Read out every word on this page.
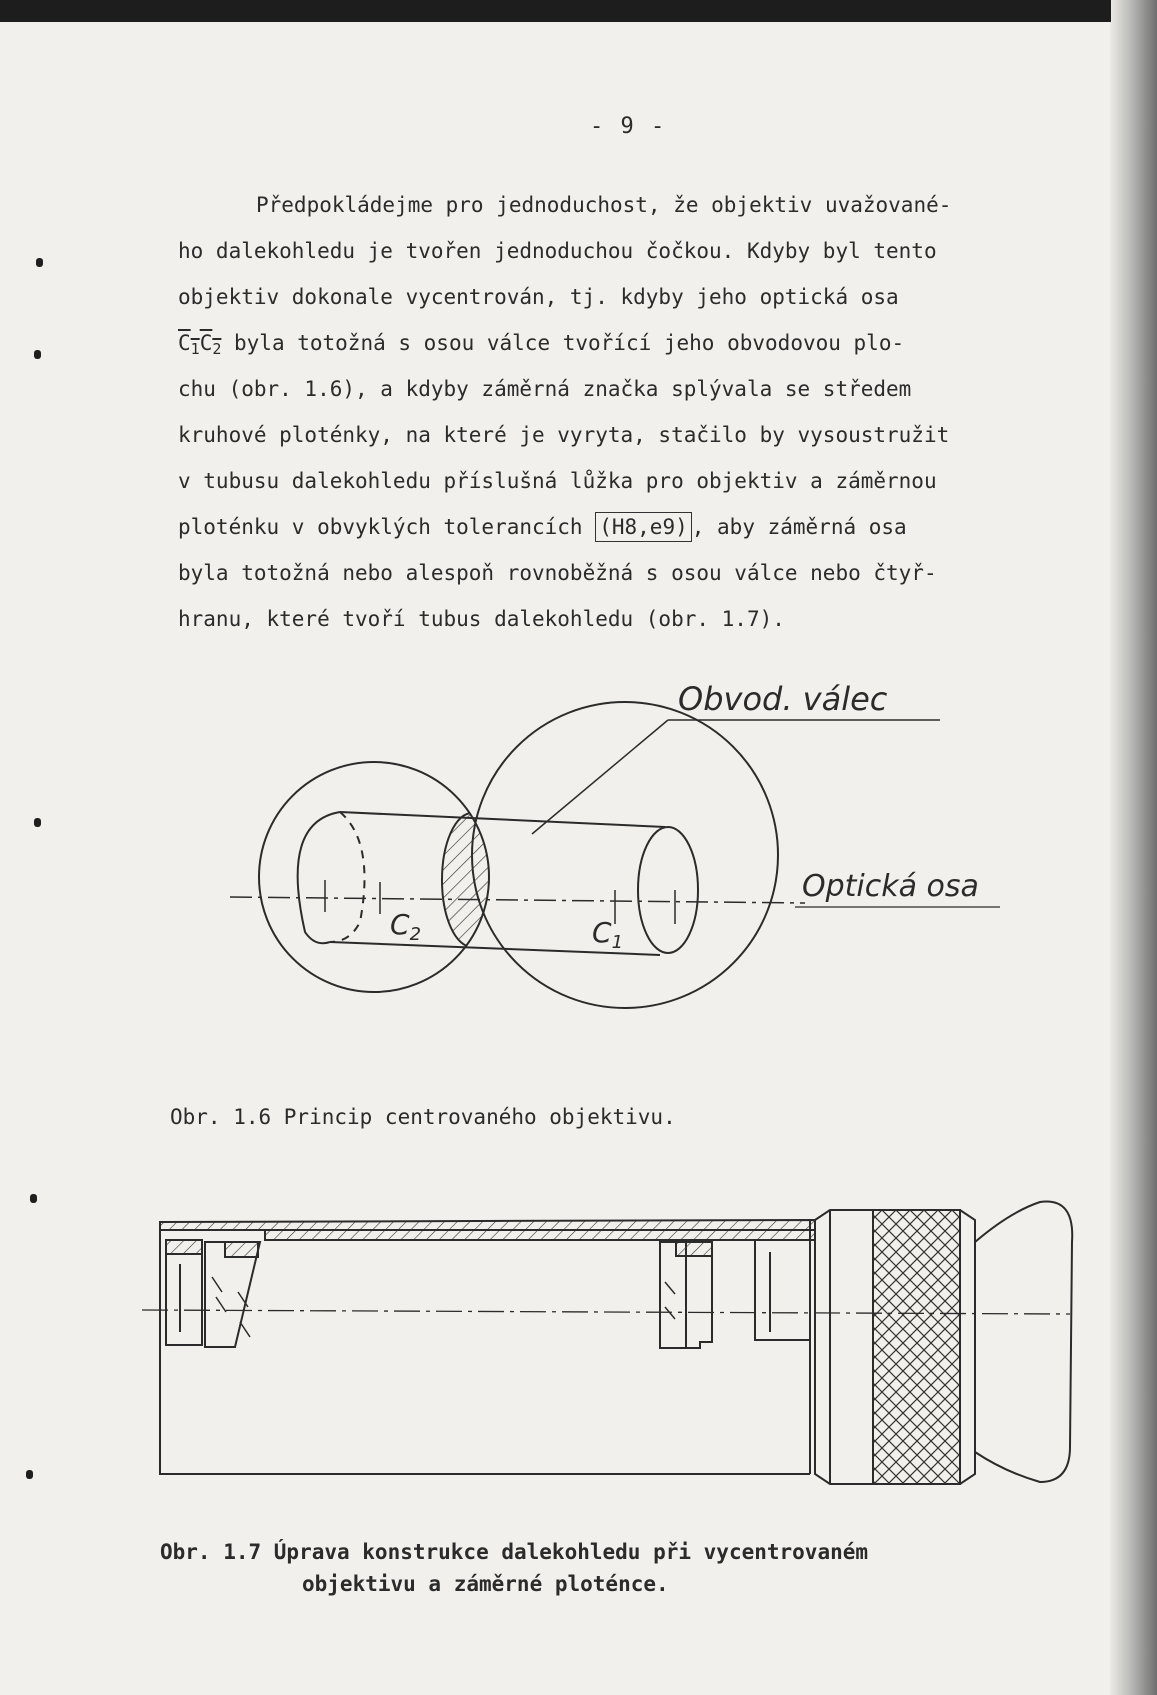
- 9 -
Předpokládejme pro jednoduchost, že objektiv uvažované-
ho dalekohledu je tvořen jednoduchou čočkou. Kdyby byl tento
objektiv dokonale vycentrován, tj. kdyby jeho optická osa
$C_1C_2$ byla totožná s osou válce tvořící jeho obvodovou plo-
chu (obr. 1.6), a kdyby záměrná značka splývala se středem
kruhové ploténky, na které je vyryta, stačilo by vysoustružit
v tubusu dalekohledu příslušná lůžka pro objektiv a záměrnou
ploténku v obvyklých tolerancích (H8,e9) , aby záměrná osa
byla totožná nebo alespoň rovnoběžná s osou válce nebo čtyř-
hranu, které tvoří tubus dalekohledu (obr. 1.7).
Obvod. válec
Optická osa
$C_2$	$C_1$
Obr. 1.6 Princip centrovaného objektivu.
Obr. 1.7 Úprava konstrukce dalekohledu při vycentrovaném
objektivu a záměrné ploténce.
